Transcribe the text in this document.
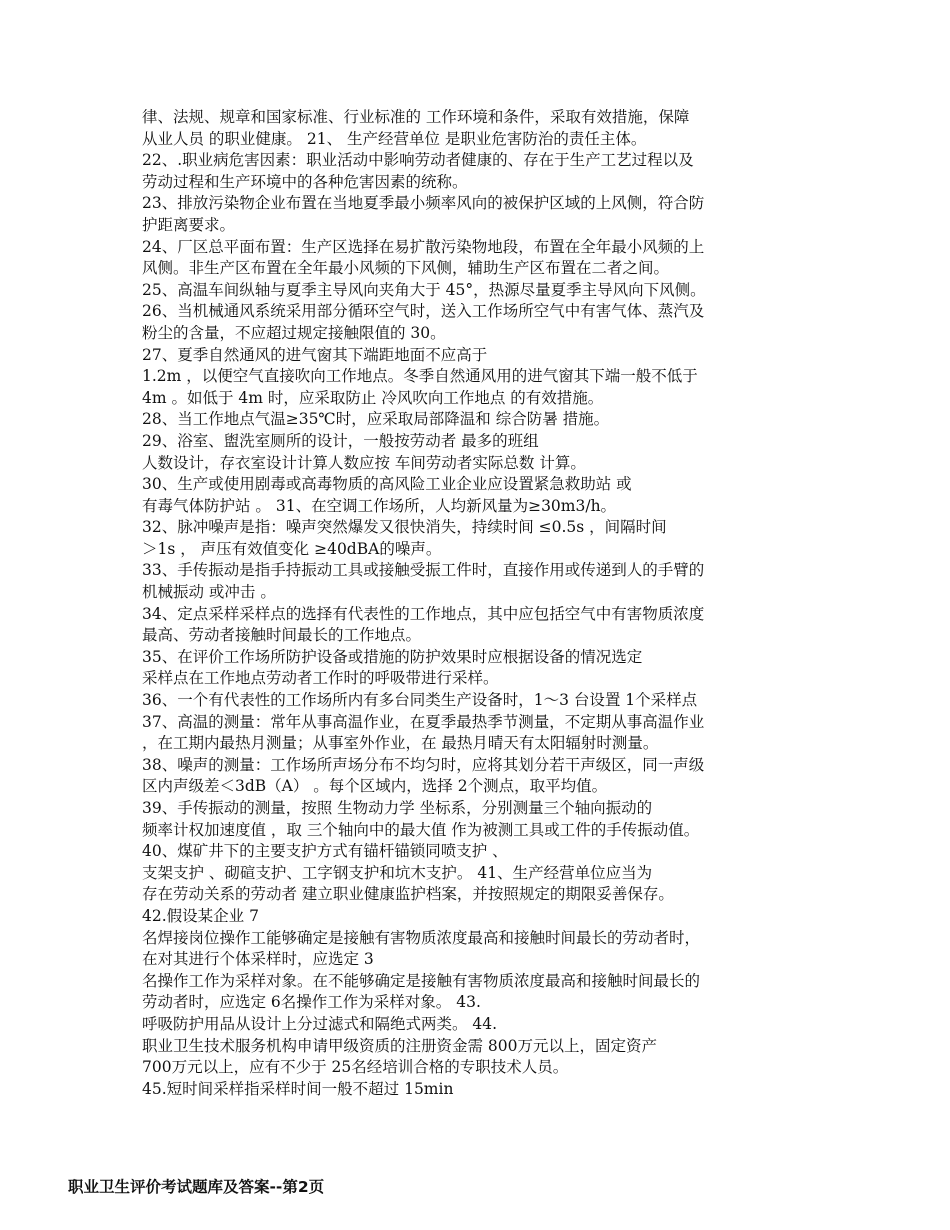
律、法规、规章和国家标准、行业标准的 工作环境和条件，采取有效措施，保障
从业人员 的职业健康。 21、 生产经营单位 是职业危害防治的责任主体。
22、.职业病危害因素：职业活动中影响劳动者健康的、存在于生产工艺过程以及
劳动过程和生产环境中的各种危害因素的统称。
23、排放污染物企业布置在当地夏季最小频率风向的被保护区域的上风侧，符合防
护距离要求。
24、厂区总平面布置：生产区选择在易扩散污染物地段，布置在全年最小风频的上
风侧。非生产区布置在全年最小风频的下风侧，辅助生产区布置在二者之间。
25、高温车间纵轴与夏季主导风向夹角大于 45°，热源尽量夏季主导风向下风侧。
26、当机械通风系统采用部分循环空气时，送入工作场所空气中有害气体、蒸汽及
粉尘的含量，不应超过规定接触限值的 30。
27、夏季自然通风的进气窗其下端距地面不应高于
1.2m ，以便空气直接吹向工作地点。冬季自然通风用的进气窗其下端一般不低于
4m 。如低于 4m 时，应采取防止 冷风吹向工作地点 的有效措施。
28、当工作地点气温≥35℃时，应采取局部降温和 综合防暑 措施。
29、浴室、盥洗室厕所的设计，一般按劳动者 最多的班组
人数设计，存衣室设计计算人数应按 车间劳动者实际总数 计算。
30、生产或使用剧毒或高毒物质的高风险工业企业应设置紧急救助站 或
有毒气体防护站 。 31、在空调工作场所，人均新风量为≥30m3/h。
32、脉冲噪声是指：噪声突然爆发又很快消失，持续时间 ≤0.5s ，间隔时间
＞1s ， 声压有效值变化 ≥40dBA的噪声。
33、手传振动是指手持振动工具或接触受振工件时，直接作用或传递到人的手臂的
机械振动 或冲击 。
34、定点采样采样点的选择有代表性的工作地点，其中应包括空气中有害物质浓度
最高、劳动者接触时间最长的工作地点。
35、在评价工作场所防护设备或措施的防护效果时应根据设备的情况选定
采样点在工作地点劳动者工作时的呼吸带进行采样。
36、一个有代表性的工作场所内有多台同类生产设备时，1～3 台设置 1个采样点
37、高温的测量：常年从事高温作业，在夏季最热季节测量，不定期从事高温作业
，在工期内最热月测量；从事室外作业，在 最热月晴天有太阳辐射时测量。
38、噪声的测量：工作场所声场分布不均匀时，应将其划分若干声级区，同一声级
区内声级差＜3dB（A） 。每个区域内，选择 2个测点，取平均值。
39、手传振动的测量，按照 生物动力学 坐标系，分别测量三个轴向振动的
频率计权加速度值 ，取 三个轴向中的最大值 作为被测工具或工件的手传振动值。
40、煤矿井下的主要支护方式有锚杆锚锁同喷支护 、
支架支护 、砌碹支护、工字钢支护和坑木支护。 41、生产经营单位应当为
存在劳动关系的劳动者 建立职业健康监护档案，并按照规定的期限妥善保存。
42.假设某企业 7
名焊接岗位操作工能够确定是接触有害物质浓度最高和接触时间最长的劳动者时，
在对其进行个体采样时，应选定 3
名操作工作为采样对象。在不能够确定是接触有害物质浓度最高和接触时间最长的
劳动者时，应选定 6名操作工作为采样对象。 43.
呼吸防护用品从设计上分过滤式和隔绝式两类。 44.
职业卫生技术服务机构申请甲级资质的注册资金需 800万元以上，固定资产
700万元以上，应有不少于 25名经培训合格的专职技术人员。
45.短时间采样指采样时间一般不超过 15min
职业卫生评价考试题库及答案--第2页
